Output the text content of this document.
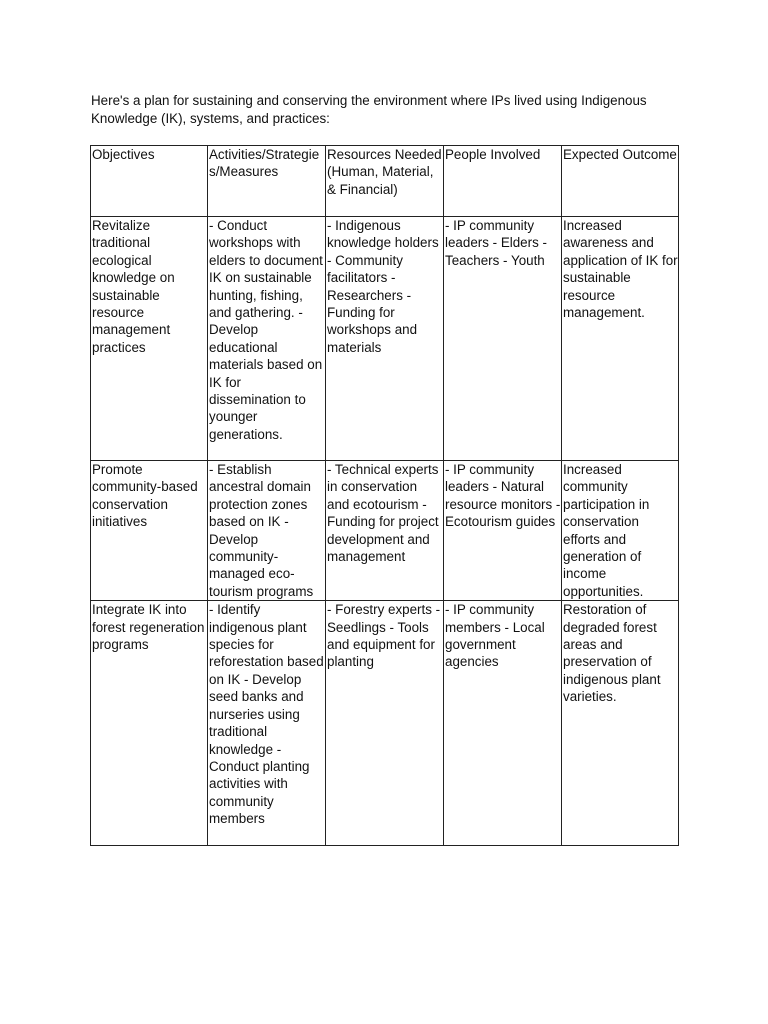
Here's a plan for sustaining and conserving the environment where IPs lived using Indigenous Knowledge (IK), systems, and practices:

Objectives	Activities/Strategies/Measures	Resources Needed (Human, Material, & Financial)	People Involved	Expected Outcome
Revitalize traditional ecological knowledge on sustainable resource management practices	- Conduct workshops with elders to document IK on sustainable hunting, fishing, and gathering. - Develop educational materials based on IK for dissemination to younger generations.	- Indigenous knowledge holders - Community facilitators - Researchers - Funding for workshops and materials	- IP community leaders - Elders - Teachers - Youth	Increased awareness and application of IK for sustainable resource management.
Promote community-based conservation initiatives	- Establish ancestral domain protection zones based on IK - Develop community-managed eco-tourism programs	- Technical experts in conservation and ecotourism - Funding for project development and management	- IP community leaders - Natural resource monitors - Ecotourism guides	Increased community participation in conservation efforts and generation of income opportunities.
Integrate IK into forest regeneration programs	- Identify indigenous plant species for reforestation based on IK - Develop seed banks and nurseries using traditional knowledge - Conduct planting activities with community members	- Forestry experts - Seedlings - Tools and equipment for planting	- IP community members - Local government agencies	Restoration of degraded forest areas and preservation of indigenous plant varieties.
